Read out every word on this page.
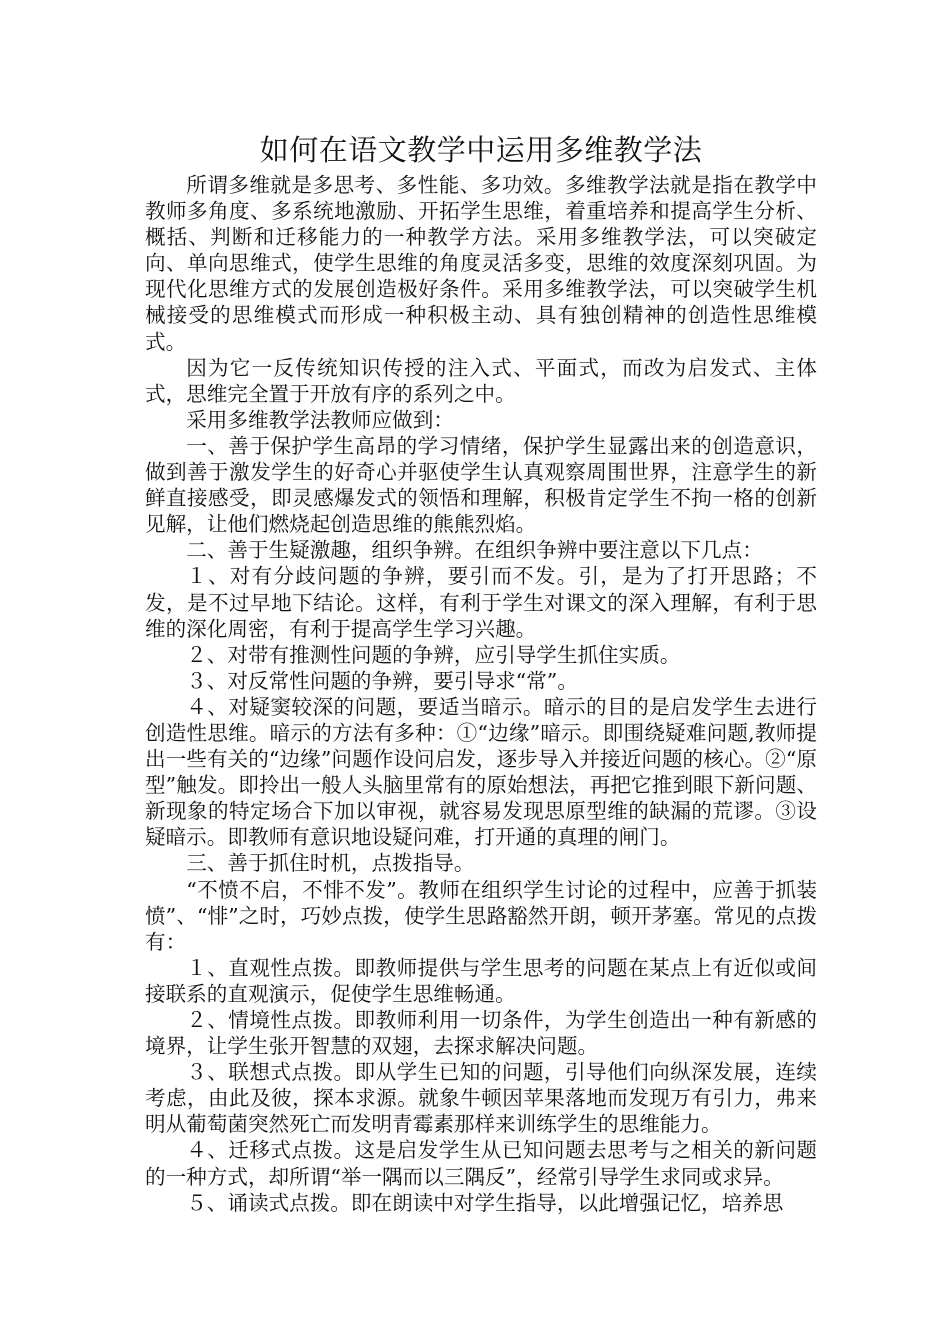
如何在语文教学中运用多维教学法

所谓多维就是多思考、多性能、多功效。多维教学法就是指在教学中教师多角度、多系统地激励、开拓学生思维，着重培养和提高学生分析、概括、判断和迁移能力的一种教学方法。采用多维教学法，可以突破定向、单向思维式，使学生思维的角度灵活多变，思维的效度深刻巩固。为现代化思维方式的发展创造极好条件。采用多维教学法，可以突破学生机械接受的思维模式而形成一种积极主动、具有独创精神的创造性思维模式。

因为它一反传统知识传授的注入式、平面式，而改为启发式、主体式，思维完全置于开放有序的系列之中。

采用多维教学法教师应做到：

一、善于保护学生高昂的学习情绪，保护学生显露出来的创造意识，做到善于激发学生的好奇心并驱使学生认真观察周围世界，注意学生的新鲜直接感受，即灵感爆发式的领悟和理解，积极肯定学生不拘一格的创新见解，让他们燃烧起创造思维的熊熊烈焰。

二、善于生疑激趣，组织争辨。在组织争辨中要注意以下几点：

１、对有分歧问题的争辨，要引而不发。引，是为了打开思路；不发，是不过早地下结论。这样，有利于学生对课文的深入理解，有利于思维的深化周密，有利于提高学生学习兴趣。

２、对带有推测性问题的争辨，应引导学生抓住实质。

３、对反常性问题的争辨，要引导求“常”。

４、对疑窦较深的问题，要适当暗示。暗示的目的是启发学生去进行创造性思维。暗示的方法有多种：①“边缘”暗示。即围绕疑难问题,教师提出一些有关的“边缘”问题作设问启发，逐步导入并接近问题的核心。②“原型”触发。即拎出一般人头脑里常有的原始想法，再把它推到眼下新问题、新现象的特定场合下加以审视，就容易发现思原型维的缺漏的荒谬。③设疑暗示。即教师有意识地设疑问难，打开通的真理的闸门。

三、善于抓住时机，点拨指导。

“不愤不启，不悱不发”。教师在组织学生讨论的过程中，应善于抓装愤”、“悱”之时，巧妙点拨，使学生思路豁然开朗，顿开茅塞。常见的点拨有：

１、直观性点拨。即教师提供与学生思考的问题在某点上有近似或间接联系的直观演示，促使学生思维畅通。

２、情境性点拨。即教师利用一切条件，为学生创造出一种有新感的境界，让学生张开智慧的双翅，去探求解决问题。

３、联想式点拨。即从学生已知的问题，引导他们向纵深发展，连续考虑，由此及彼，探本求源。就象牛顿因苹果落地而发现万有引力，弗来明从葡萄菌突然死亡而发明青霉素那样来训练学生的思维能力。

４、迁移式点拨。这是启发学生从已知问题去思考与之相关的新问题的一种方式，却所谓“举一隅而以三隅反”，经常引导学生求同或求异。

５、诵读式点拨。即在朗读中对学生指导，以此增强记忆，培养思
